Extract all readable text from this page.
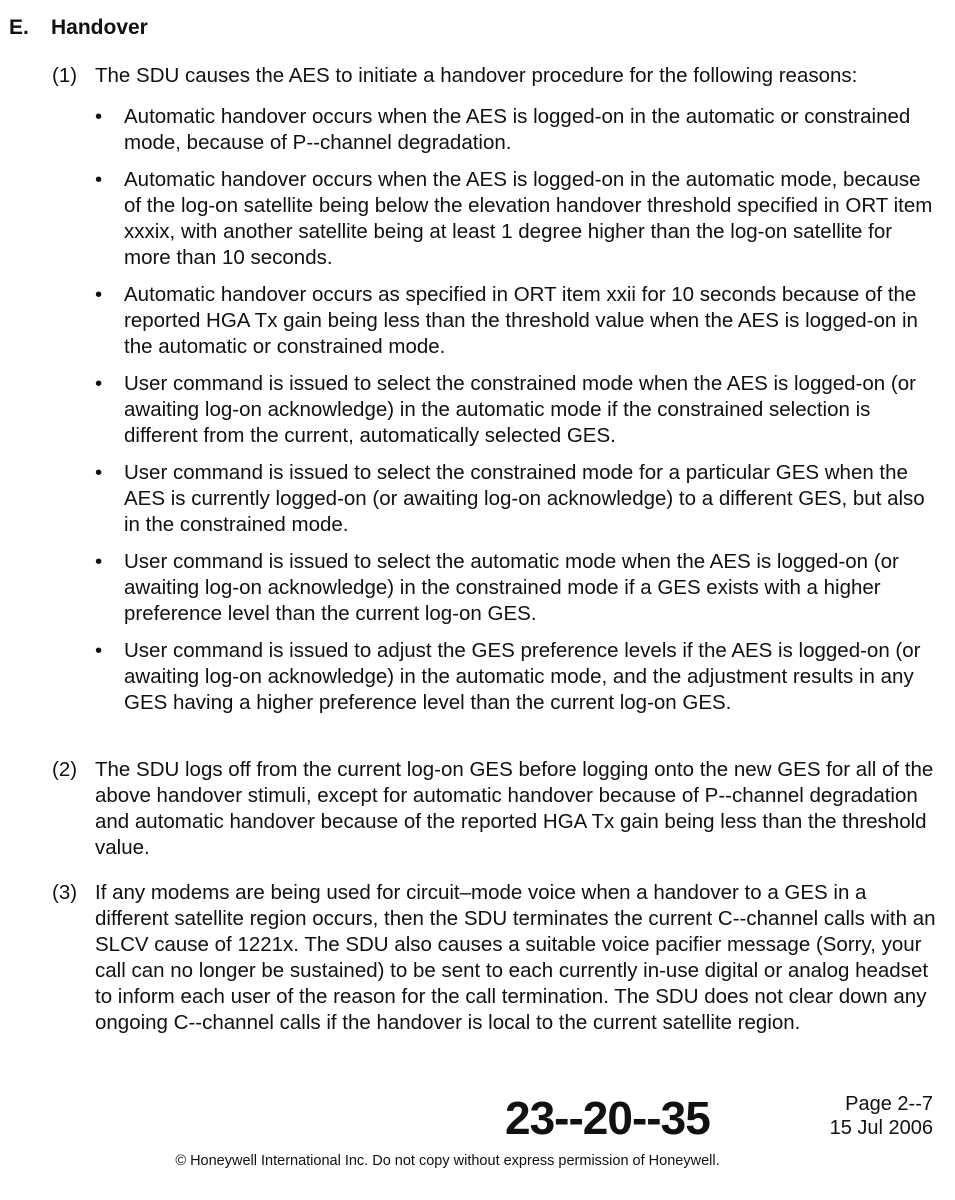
E. Handover
(1) The SDU causes the AES to initiate a handover procedure for the following reasons:
• Automatic handover occurs when the AES is logged-on in the automatic or constrained mode, because of P--channel degradation.
• Automatic handover occurs when the AES is logged-on in the automatic mode, because of the log-on satellite being below the elevation handover threshold specified in ORT item xxxix, with another satellite being at least 1 degree higher than the log-on satellite for more than 10 seconds.
• Automatic handover occurs as specified in ORT item xxii for 10 seconds because of the reported HGA Tx gain being less than the threshold value when the AES is logged-on in the automatic or constrained mode.
• User command is issued to select the constrained mode when the AES is logged-on (or awaiting log-on acknowledge) in the automatic mode if the constrained selection is different from the current, automatically selected GES.
• User command is issued to select the constrained mode for a particular GES when the AES is currently logged-on (or awaiting log-on acknowledge) to a different GES, but also in the constrained mode.
• User command is issued to select the automatic mode when the AES is logged-on (or awaiting log-on acknowledge) in the constrained mode if a GES exists with a higher preference level than the current log-on GES.
• User command is issued to adjust the GES preference levels if the AES is logged-on (or awaiting log-on acknowledge) in the automatic mode, and the adjustment results in any GES having a higher preference level than the current log-on GES.
(2) The SDU logs off from the current log-on GES before logging onto the new GES for all of the above handover stimuli, except for automatic handover because of P--channel degradation and automatic handover because of the reported HGA Tx gain being less than the threshold value.
(3) If any modems are being used for circuit–mode voice when a handover to a GES in a different satellite region occurs, then the SDU terminates the current C--channel calls with an SLCV cause of 1221x. The SDU also causes a suitable voice pacifier message (Sorry, your call can no longer be sustained) to be sent to each currently in-use digital or analog headset to inform each user of the reason for the call termination. The SDU does not clear down any ongoing C--channel calls if the handover is local to the current satellite region.
23--20--35	Page 2--7
15 Jul 2006
© Honeywell International Inc. Do not copy without express permission of Honeywell.
